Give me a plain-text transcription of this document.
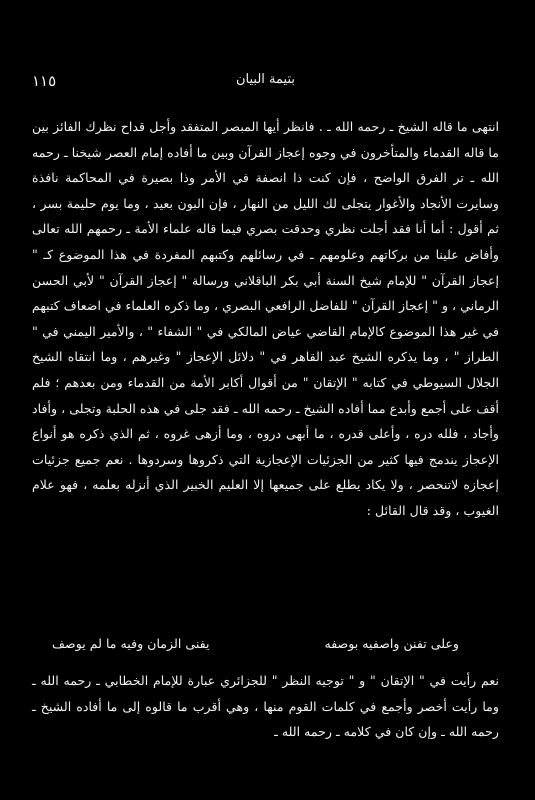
بتيمة البيان
١١٥

انتهى ما قاله الشيخ ـ رحمه الله ـ . فانظر أيها المبصر المتفقد وأجل قداح نظرك الفائز بين ما قاله القدماء والمتأخرون في وجوه إعجاز القرآن وبين ما أفاده إمام العصر شيخنا ـ رحمه الله ـ تر الفرق الواضح ، فإن كنت ذا انصفة في الأمر وذا بصيرة في المحاكمة نافذة وسايرت الأنجاد والأغوار يتجلى لك الليل من النهار ، فإن البون بعيد ، وما يوم حليمة بسر ، ثم أقول : أما أنا فقد أجلت نظري وحدقت بصري فيما قاله علماء الأمة ـ رحمهم الله تعالى وأفاض علينا من بركاتهم وعلومهم ـ في رسائلهم وكتبهم المفردة في هذا الموضوع كـ " إعجاز القرآن " للإمام شيخ السنة أبي بكر الباقلاني ورسالة " إعجاز القرآن " لأبي الحسن الرماني ، و " إعجاز القرآن " للفاضل الرافعي البصري ، وما ذكره العلماء في اضعاف كتبهم في غير هذا الموضوع كالإمام القاضي عياض المالكي في " الشفاء " ، والأمير اليمني في " الطراز " ، وما يذكره الشيخ عبد القاهر في " دلائل الإعجاز " وغيرهم ، وما انتقاه الشيخ الجلال السيوطي في كتابه " الإتقان " من أقوال أكابر الأمة من القدماء ومن بعدهم ؛ فلم أقف على أجمع وأبدع مما أفاده الشيخ ـ رحمه الله ـ فقد جلى في هذه الحلبة وتجلى ، وأفاد وأجاد ، فلله دره ، وأعلى قدره ، ما أبهى دروه ، وما أزهى غروه ، ثم الذي ذكره هو أنواع الإعجاز يندمج فيها كثير من الجزئيات الإعجازية التي ذكروها وسردوها . نعم جميع جزئيات إعجازه لاتنحصر ، ولا يكاد يطلع على جميعها إلا العليم الخبير الذي أنزله بعلمه ، فهو علام الغيوب ، وقد قال القائل :

وعلى تفنن واصفيه بوصفه
يفنى الزمان وفيه ما لم يوصف

نعم رأيت في " الإتقان " و " توجيه النظر " للجزائري عبارة للإمام الخطابي ـ رحمه الله ـ وما رأيت أخصر وأجمع في كلمات القوم منها ، وهي أقرب ما قالوه إلى ما أفاده الشيخ ـ رحمه الله ـ وإن كان في كلامه ـ رحمه الله ـ
